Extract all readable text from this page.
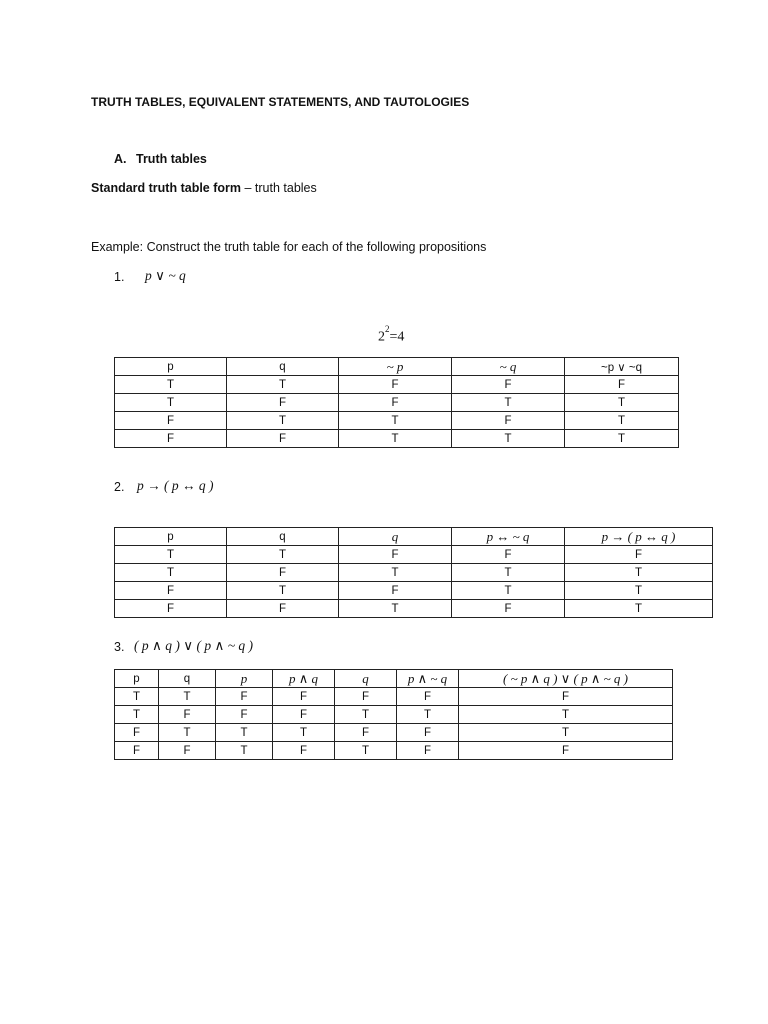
TRUTH TABLES, EQUIVALENT STATEMENTS, AND TAUTOLOGIES
A. Truth tables
Standard truth table form – truth tables
Example: Construct the truth table for each of the following propositions
1. p ∨ ~ q
$2^2=4$
p	q	~ p	~ q	~p ∨ ~q
T	T	F	F	F
T	F	F	T	T
F	T	T	F	T
F	F	T	T	T
2. p → ( p ↔ q )
p	q	q	p ↔ ~ q	p → ( p ↔ q )
T	T	F	F	F
T	F	T	T	T
F	T	F	T	T
F	F	T	F	T
3. ( p ∧ q ) ∨ ( p ∧ ~ q )
p	q	p	p ∧ q	q	p ∧ ~ q	( ~ p ∧ q ) ∨ ( p ∧ ~ q )
T	T	F	F	F	F	F
T	F	F	F	T	T	T
F	T	T	T	F	F	T
F	F	T	F	T	F	F
